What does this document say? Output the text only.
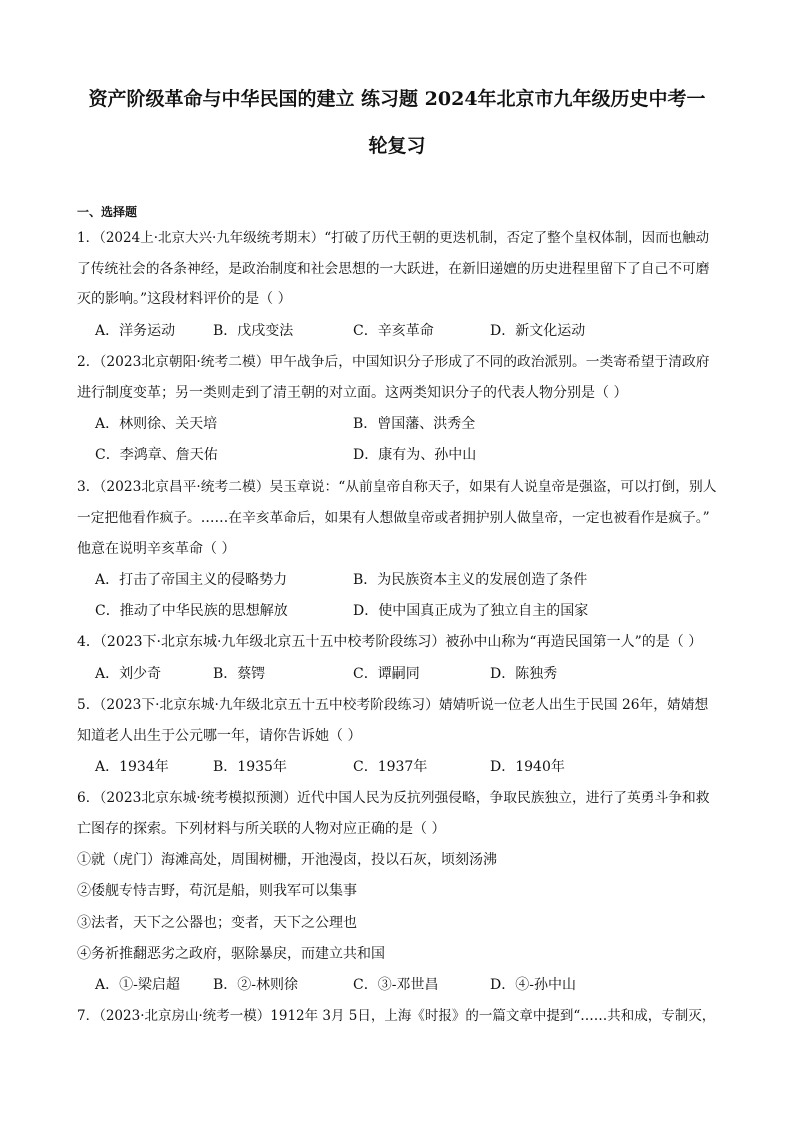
资产阶级革命与中华民国的建立 练习题 2024年北京市九年级历史中考一
轮复习
一、选择题
1．（2024上·北京大兴·九年级统考期末）“打破了历代王朝的更迭机制，否定了整个皇权体制，因而也触动
了传统社会的各条神经，是政治制度和社会思想的一大跃进，在新旧递嬗的历史进程里留下了自己不可磨
灭的影响。”这段材料评价的是（ ）
A．洋务运动	B．戊戌变法	C．辛亥革命	D．新文化运动
2．（2023北京朝阳·统考二模）甲午战争后，中国知识分子形成了不同的政治派别。一类寄希望于清政府
进行制度变革；另一类则走到了清王朝的对立面。这两类知识分子的代表人物分别是（ ）
A．林则徐、关天培	B．曾国藩、洪秀全
C．李鸿章、詹天佑	D．康有为、孙中山
3．（2023北京昌平·统考二模）吴玉章说：“从前皇帝自称天子，如果有人说皇帝是强盗，可以打倒，别人
一定把他看作疯子。……在辛亥革命后，如果有人想做皇帝或者拥护别人做皇帝，一定也被看作是疯子。”
他意在说明辛亥革命（ ）
A．打击了帝国主义的侵略势力	B．为民族资本主义的发展创造了条件
C．推动了中华民族的思想解放	D．使中国真正成为了独立自主的国家
4．（2023下·北京东城·九年级北京五十五中校考阶段练习）被孙中山称为“再造民国第一人”的是（ ）
A．刘少奇	B．蔡锷	C．谭嗣同	D．陈独秀
5．（2023下·北京东城·九年级北京五十五中校考阶段练习）婧婧听说一位老人出生于民国 26年，婧婧想
知道老人出生于公元哪一年，请你告诉她（ ）
A．1934年	B．1935年	C．1937年	D．1940年
6．（2023北京东城·统考模拟预测）近代中国人民为反抗列强侵略，争取民族独立，进行了英勇斗争和救
亡图存的探索。下列材料与所关联的人物对应正确的是（ ）
①就（虎门）海滩高处，周围树栅，开池漫卤，投以石灰，顷刻汤沸
②倭舰专恃吉野，苟沉是船，则我军可以集事
③法者，天下之公器也；变者，天下之公理也
④务祈推翻恶劣之政府，驱除暴戾，而建立共和国
A．①-梁启超 B．②-林则徐	C．③-邓世昌	D．④-孙中山
7．（2023·北京房山·统考一模）1912年 3月 5日，上海《时报》的一篇文章中提到“……共和成，专制灭，
